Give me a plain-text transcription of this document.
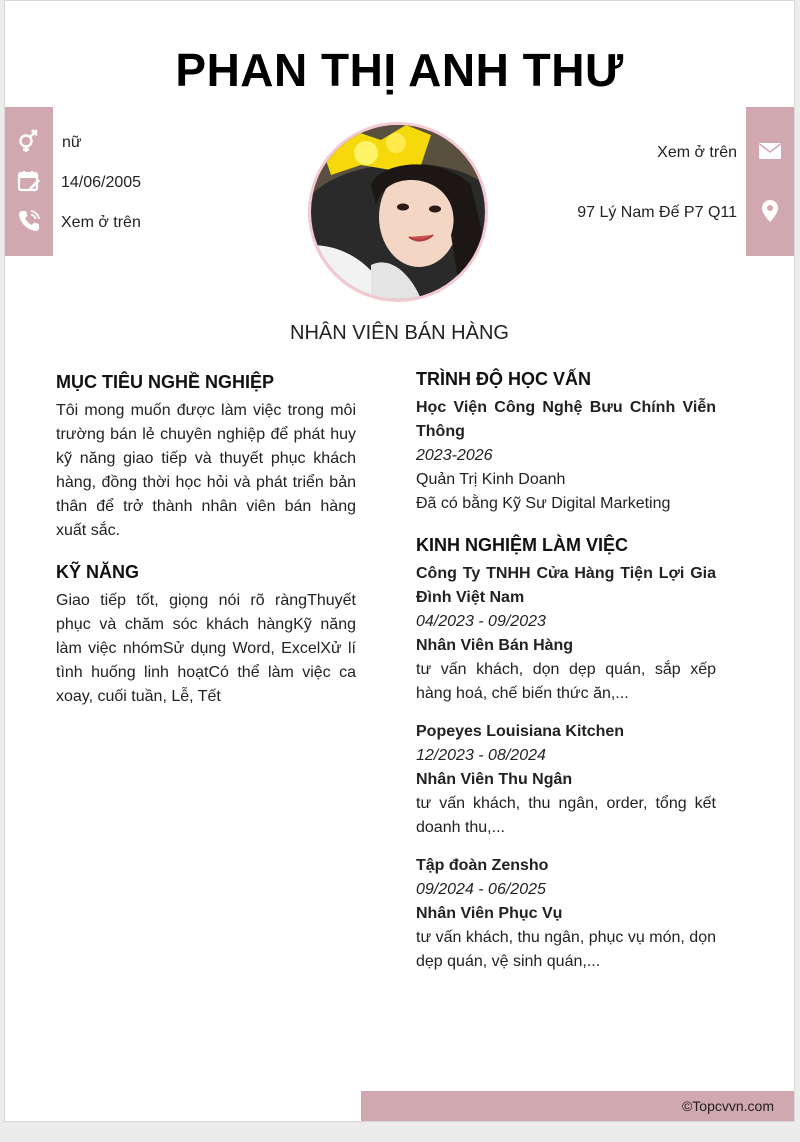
PHAN THỊ ANH THƯ
nữ
14/06/2005
Xem ở trên
Xem ở trên
97 Lý Nam Đế P7 Q11
NHÂN VIÊN BÁN HÀNG
MỤC TIÊU NGHỀ NGHIỆP

Tôi mong muốn được làm việc trong môi trường bán lẻ chuyên nghiệp để phát huy kỹ năng giao tiếp và thuyết phục khách hàng, đồng thời học hỏi và phát triển bản thân để trở thành nhân viên bán hàng xuất sắc.

KỸ NĂNG

Giao tiếp tốt, giọng nói rõ ràngThuyết phục và chăm sóc khách hàngKỹ năng làm việc nhómSử dụng Word, ExcelXử lí tình huống linh hoạtCó thể làm việc ca xoay, cuối tuần, Lễ, Tết

TRÌNH ĐỘ HỌC VẤN
Học Viện Công Nghệ Bưu Chính Viễn Thông
2023-2026
Quản Trị Kinh Doanh
Đã có bằng Kỹ Sư Digital Marketing
KINH NGHIỆM LÀM VIỆC
Công Ty TNHH Cửa Hàng Tiện Lợi Gia Đình Việt Nam
04/2023 - 09/2023
Nhân Viên Bán Hàng
tư vấn khách, dọn dẹp quán, sắp xếp hàng hoá, chế biến thức ăn,...
Popeyes Louisiana Kitchen
12/2023 - 08/2024
Nhân Viên Thu Ngân
tư vấn khách, thu ngân, order, tổng kết doanh thu,...
Tập đoàn Zensho
09/2024 - 06/2025
Nhân Viên Phục Vụ
tư vấn khách, thu ngân, phục vụ món, dọn dẹp quán, vệ sinh quán,...
©Topcvvn.com
